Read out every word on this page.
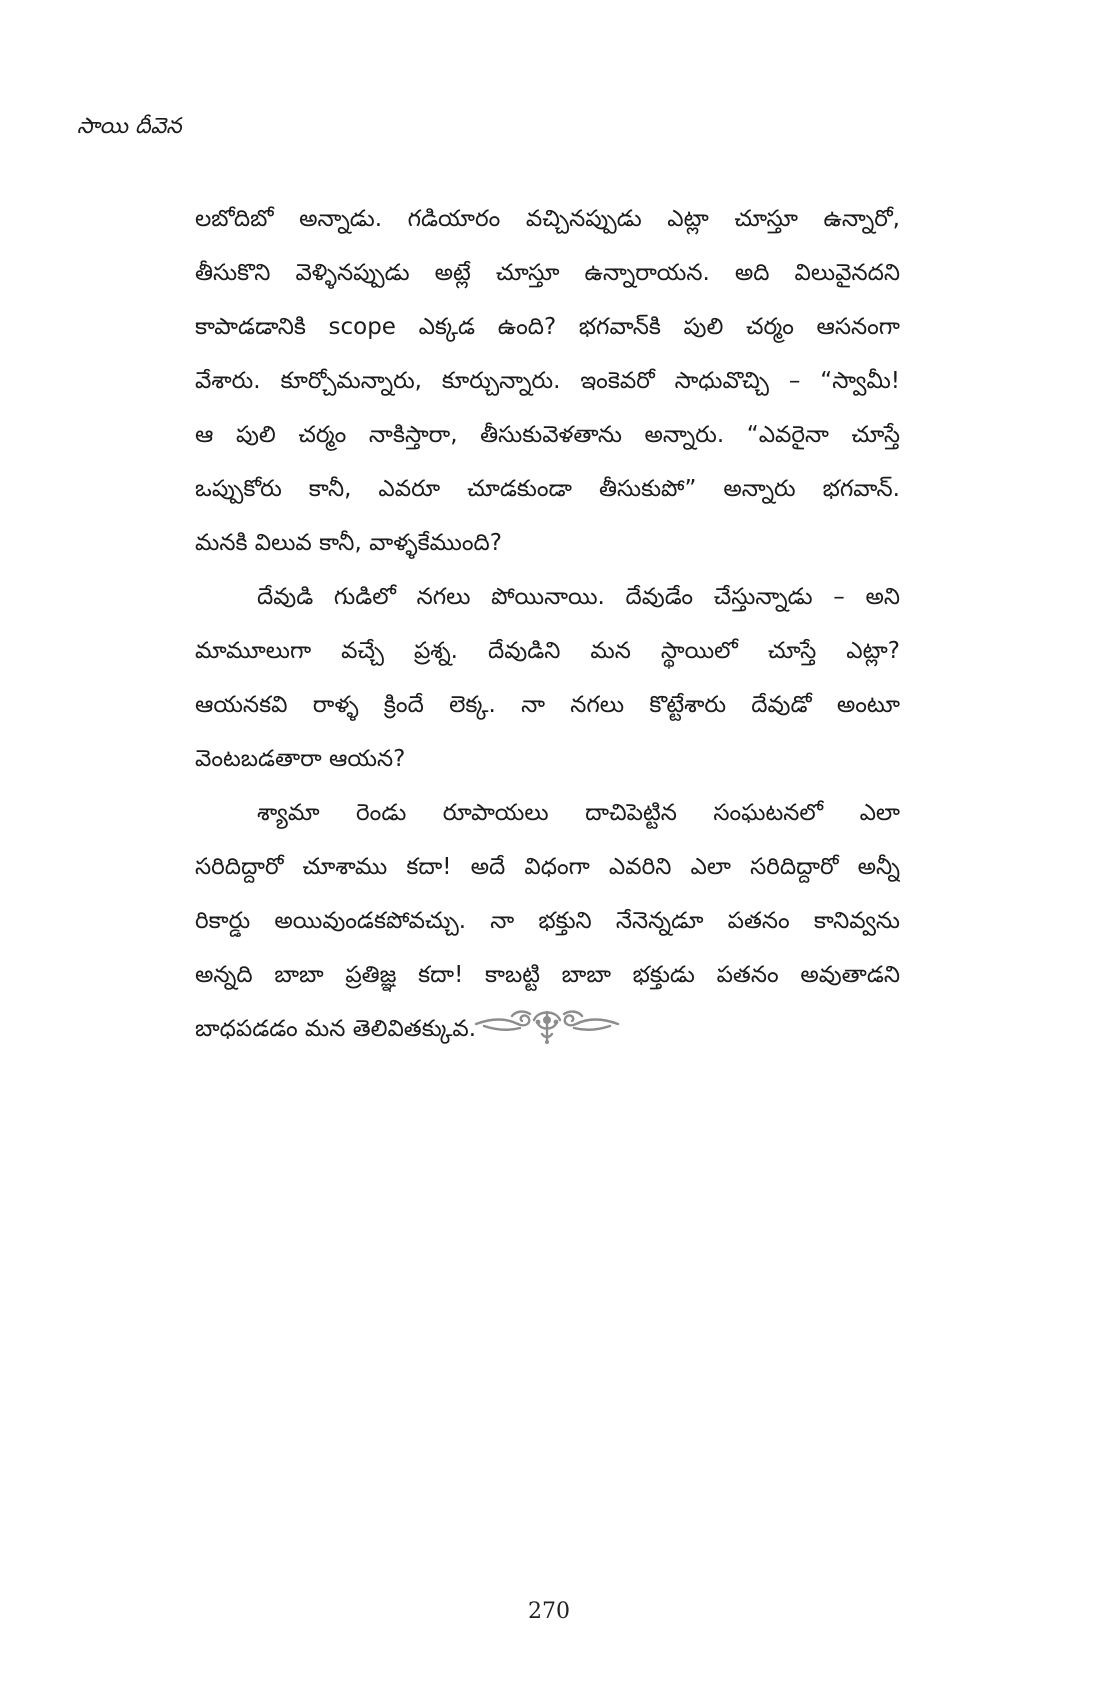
సాయి దీవెన
లబోదిబో అన్నాడు. గడియారం వచ్చినప్పుడు ఎట్లా చూస్తూ ఉన్నారో,
తీసుకొని వెళ్ళినప్పుడు అట్లే చూస్తూ ఉన్నారాయన. అది విలువైనదని
కాపాడడానికి scope ఎక్కడ ఉంది? భగవాన్‌కి పులి చర్మం ఆసనంగా
వేశారు. కూర్చోమన్నారు, కూర్చున్నారు. ఇంకెవరో సాధువొచ్చి – “స్వామీ!
ఆ పులి చర్మం నాకిస్తారా, తీసుకువెళతాను అన్నారు. “ఎవరైనా చూస్తే
ఒప్పుకోరు కానీ, ఎవరూ చూడకుండా తీసుకుపో” అన్నారు భగవాన్.
మనకి విలువ కానీ, వాళ్ళకేముంది?
దేవుడి గుడిలో నగలు పోయినాయి. దేవుడేం చేస్తున్నాడు – అని
మామూలుగా వచ్చే ప్రశ్న. దేవుడిని మన స్థాయిలో చూస్తే ఎట్లా?
ఆయనకవి రాళ్ళ క్రిందే లెక్క. నా నగలు కొట్టేశారు దేవుడో అంటూ
వెంటబడతారా ఆయన?
శ్యామా రెండు రూపాయలు దాచిపెట్టిన సంఘటనలో ఎలా
సరిదిద్దారో చూశాము కదా! అదే విధంగా ఎవరిని ఎలా సరిదిద్దారో అన్నీ
రికార్డు అయివుండకపోవచ్చు. నా భక్తుని నేనెన్నడూ పతనం కానివ్వను
అన్నది బాబా ప్రతిజ్ఞ కదా! కాబట్టి బాబా భక్తుడు పతనం అవుతాడని
బాధపడడం మన తెలివితక్కువ.
270
